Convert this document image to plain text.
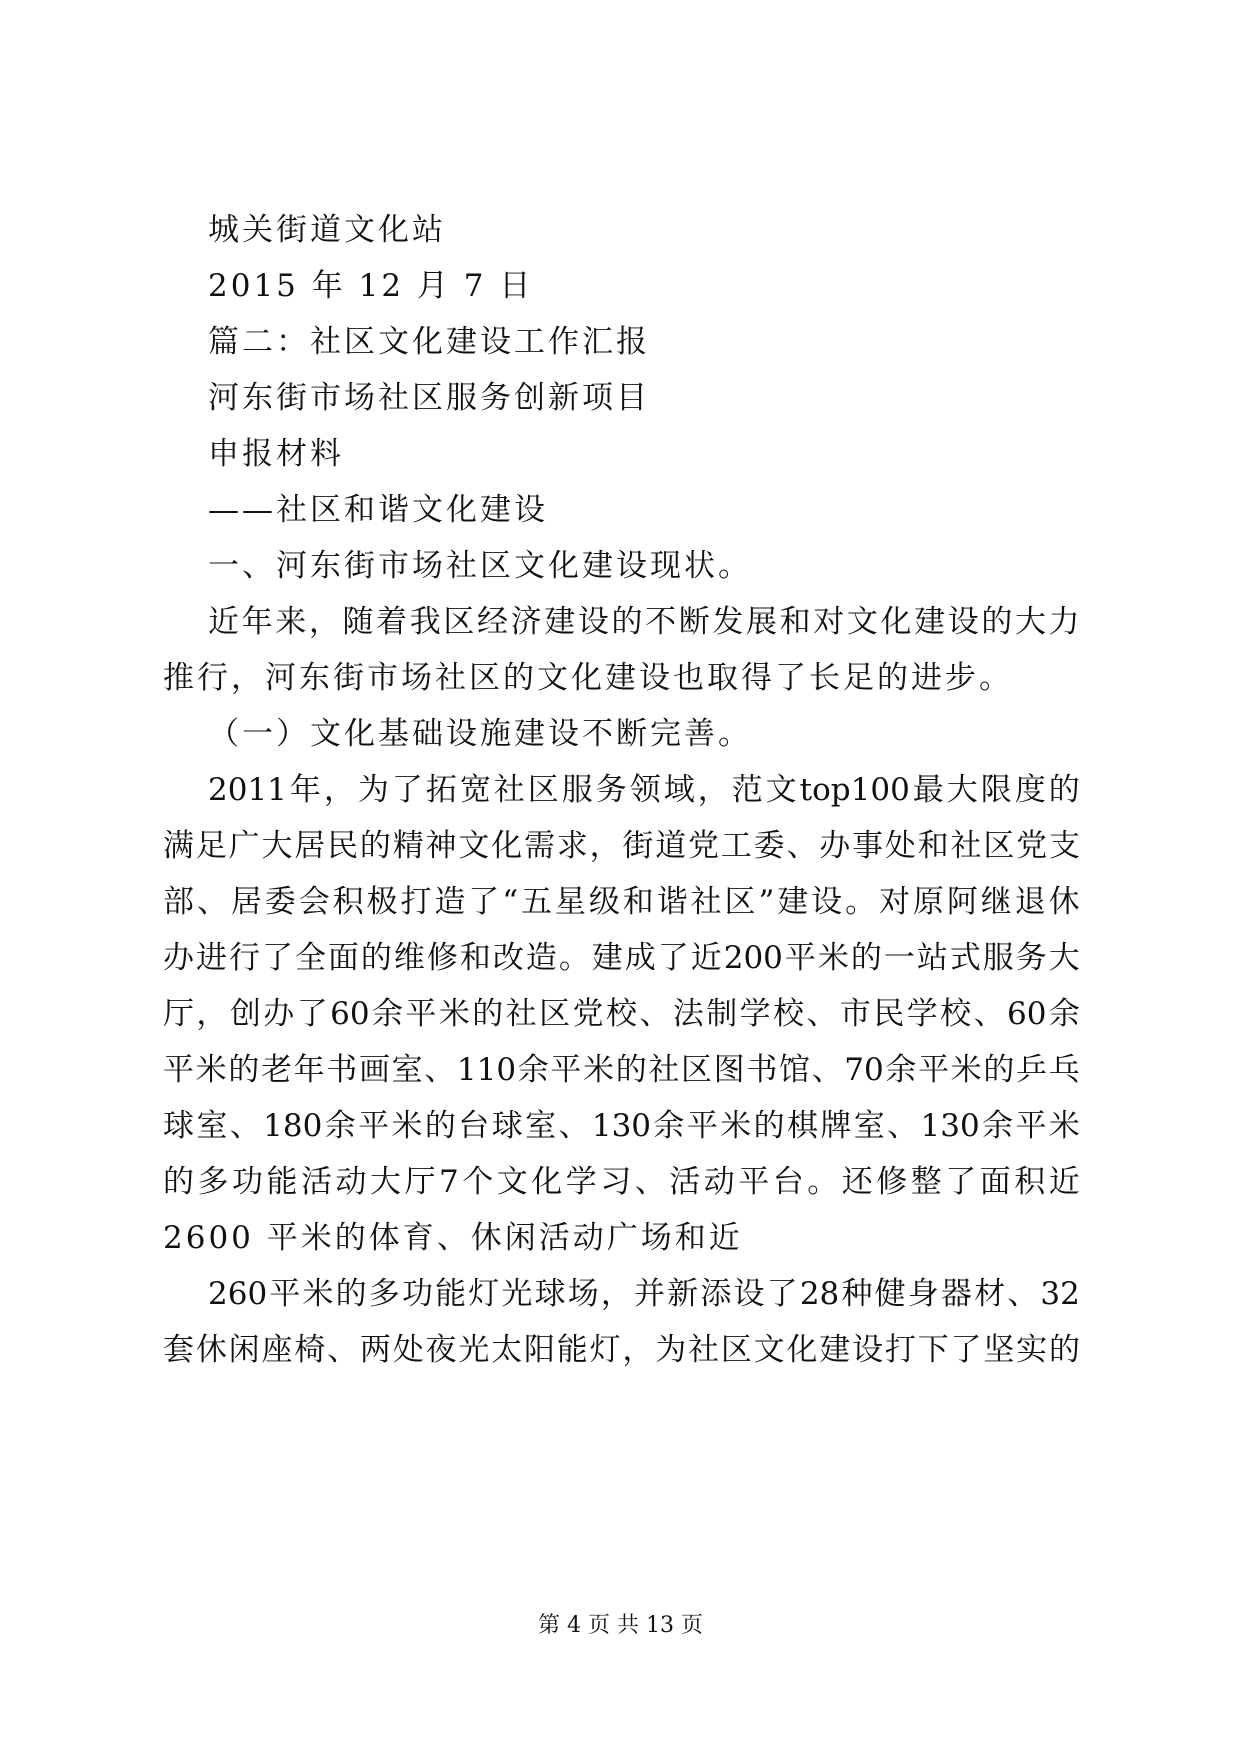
城关街道文化站
2015 年 12 月 7 日
篇二：社区文化建设工作汇报
河东街市场社区服务创新项目
申报材料
——社区和谐文化建设
一、河东街市场社区文化建设现状。
近 年 来 ， 随 着 我 区 经 济 建 设 的 不 断 发 展 和 对 文 化 建 设 的 大 力
推行，河东街市场社区的文化建设也取得了长足的进步。
（一）文化基础设施建设不断完善。
2011 年 ， 为 了 拓 宽 社 区 服 务 领 域 ， 范 文 top100 最 大 限 度 的
满 足 广 大 居 民 的 精 神 文 化 需 求 ， 街 道 党 工 委 、 办 事 处 和 社 区 党 支
部 、 居 委 会 积 极 打 造 了 “ 五 星 级 和 谐 社 区 ” 建 设 。 对 原 阿 继 退 休
办 进 行 了 全 面 的 维 修 和 改 造 。 建 成 了 近 200 平 米 的 一 站 式 服 务 大
厅 ， 创 办 了 60 余 平 米 的 社 区 党 校 、 法 制 学 校 、 市 民 学 校 、 60 余
平 米 的 老 年 书 画 室 、 110 余 平 米 的 社 区 图 书 馆 、 70 余 平 米 的 乒 乓
球 室 、 180 余 平 米 的 台 球 室 、 130 余 平 米 的 棋 牌 室 、 130 余 平 米
的 多 功 能 活 动 大 厅 7 个 文 化 学 习 、 活 动 平 台 。 还 修 整 了 面 积 近
2600 平米的体育、休闲活动广场和近
260 平 米 的 多 功 能 灯 光 球 场 ， 并 新 添 设 了 28 种 健 身 器 材 、 32
套 休 闲 座 椅 、 两 处 夜 光 太 阳 能 灯 ， 为 社 区 文 化 建 设 打 下 了 坚 实 的
第 4 页 共 13 页
